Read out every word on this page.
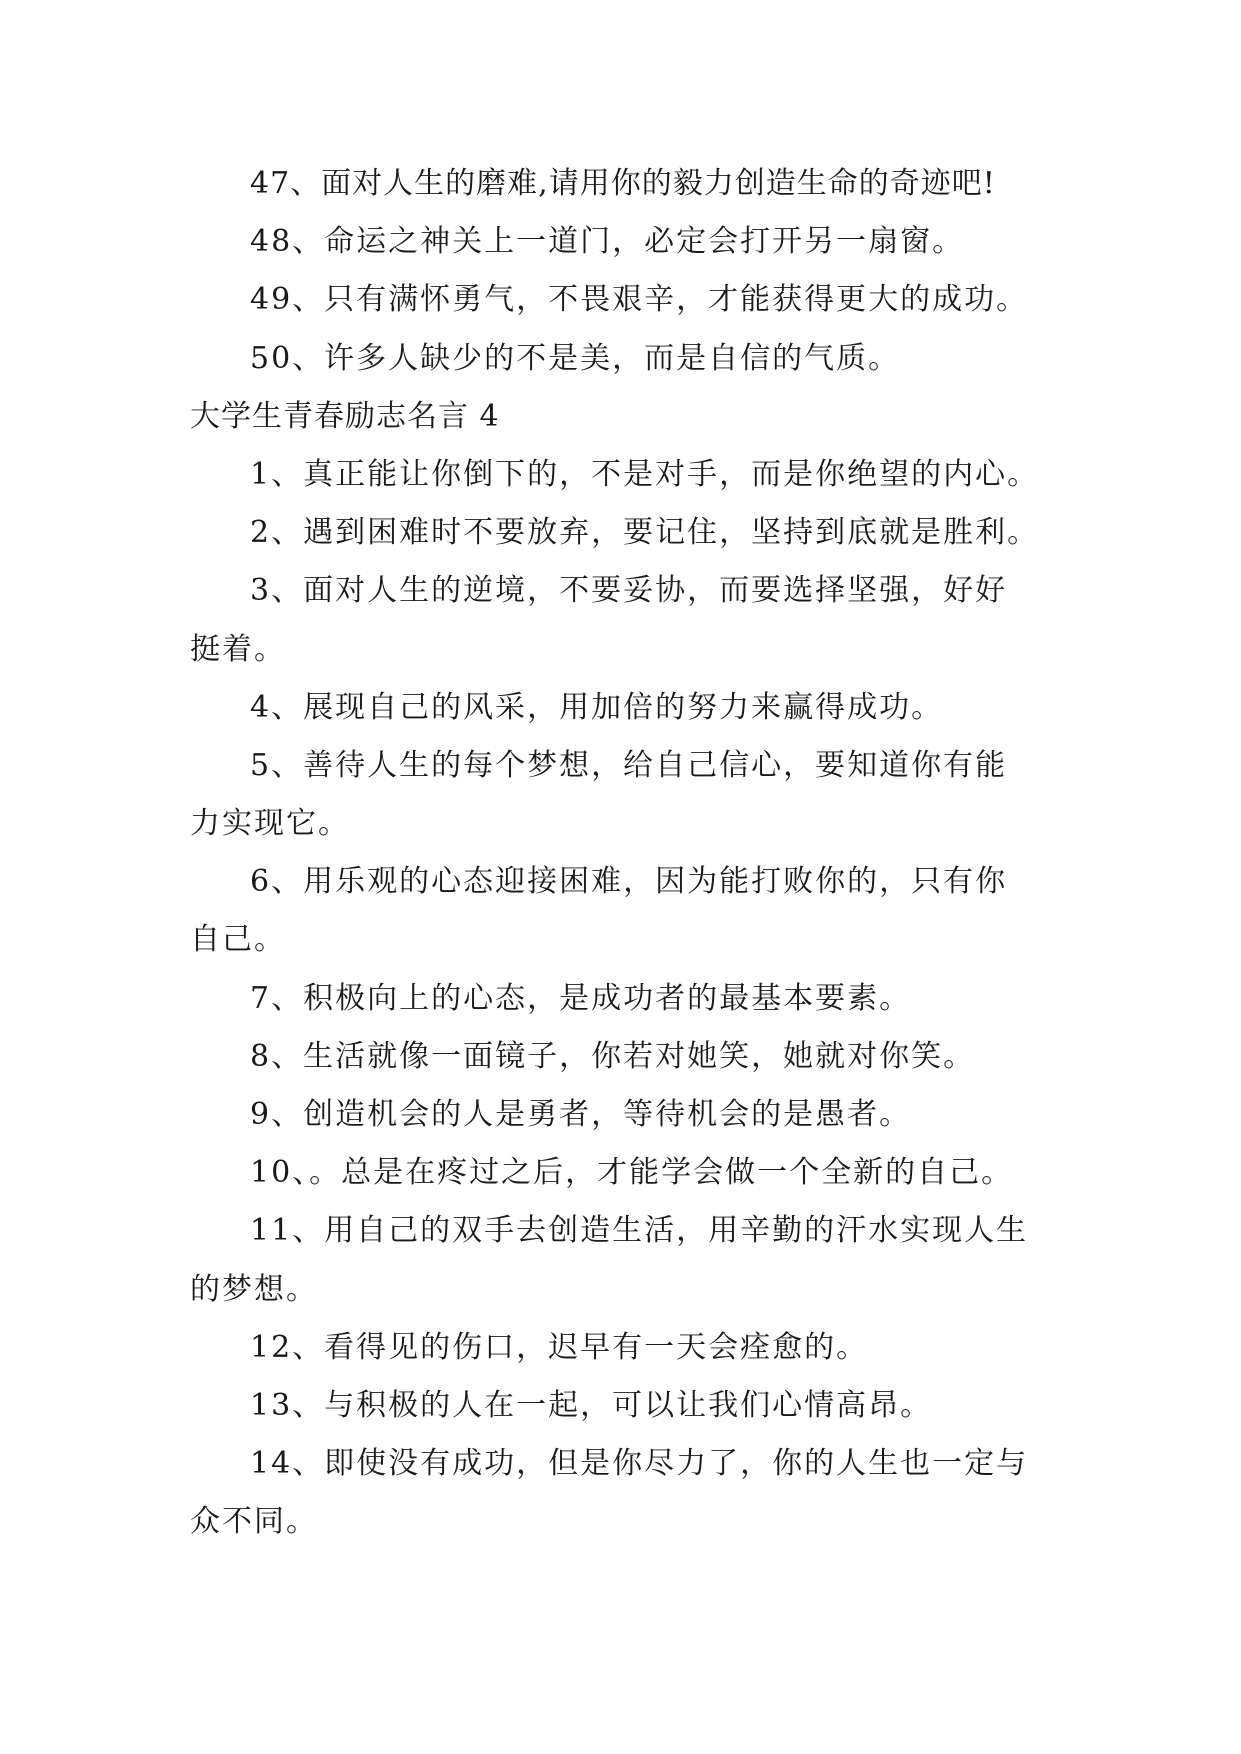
47、面对人生的磨难,请用你的毅力创造生命的奇迹吧!
48、命运之神关上一道门，必定会打开另一扇窗。
49、只有满怀勇气，不畏艰辛，才能获得更大的成功。
50、许多人缺少的不是美，而是自信的气质。
大学生青春励志名言 4
1、真正能让你倒下的，不是对手，而是你绝望的内心。
2、遇到困难时不要放弃，要记住，坚持到底就是胜利。
3、面对人生的逆境，不要妥协，而要选择坚强，好好
挺着。
4、展现自己的风采，用加倍的努力来赢得成功。
5、善待人生的每个梦想，给自己信心，要知道你有能
力实现它。
6、用乐观的心态迎接困难，因为能打败你的，只有你
自己。
7、积极向上的心态，是成功者的最基本要素。
8、生活就像一面镜子，你若对她笑，她就对你笑。
9、创造机会的人是勇者，等待机会的是愚者。
10、。总是在疼过之后，才能学会做一个全新的自己。
11、用自己的双手去创造生活，用辛勤的汗水实现人生
的梦想。
12、看得见的伤口，迟早有一天会痊愈的。
13、与积极的人在一起，可以让我们心情高昂。
14、即使没有成功，但是你尽力了，你的人生也一定与
众不同。
